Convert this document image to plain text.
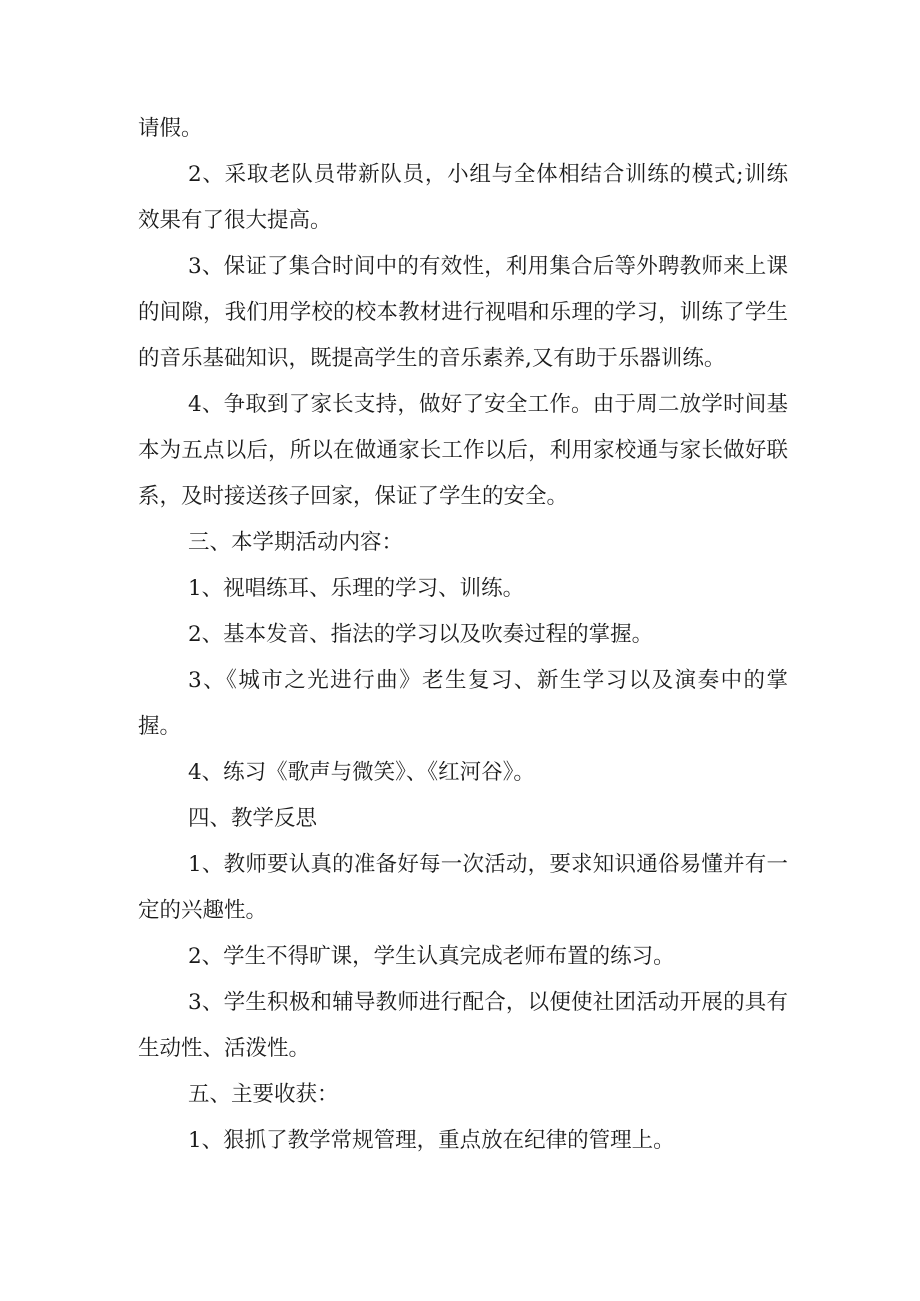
请假。

2、采取老队员带新队员，小组与全体相结合训练的模式;训练效果有了很大提高。

3、保证了集合时间中的有效性，利用集合后等外聘教师来上课的间隙，我们用学校的校本教材进行视唱和乐理的学习，训练了学生的音乐基础知识，既提高学生的音乐素养,又有助于乐器训练。

4、争取到了家长支持，做好了安全工作。由于周二放学时间基本为五点以后，所以在做通家长工作以后，利用家校通与家长做好联系，及时接送孩子回家，保证了学生的安全。

三、本学期活动内容：

1、视唱练耳、乐理的学习、训练。

2、基本发音、指法的学习以及吹奏过程的掌握。

3、《城市之光进行曲》老生复习、新生学习以及演奏中的掌握。

4、练习《歌声与微笑》、《红河谷》。

四、教学反思

1、教师要认真的准备好每一次活动，要求知识通俗易懂并有一定的兴趣性。

2、学生不得旷课，学生认真完成老师布置的练习。

3、学生积极和辅导教师进行配合，以便使社团活动开展的具有生动性、活泼性。

五、主要收获：

1、狠抓了教学常规管理，重点放在纪律的管理上。
